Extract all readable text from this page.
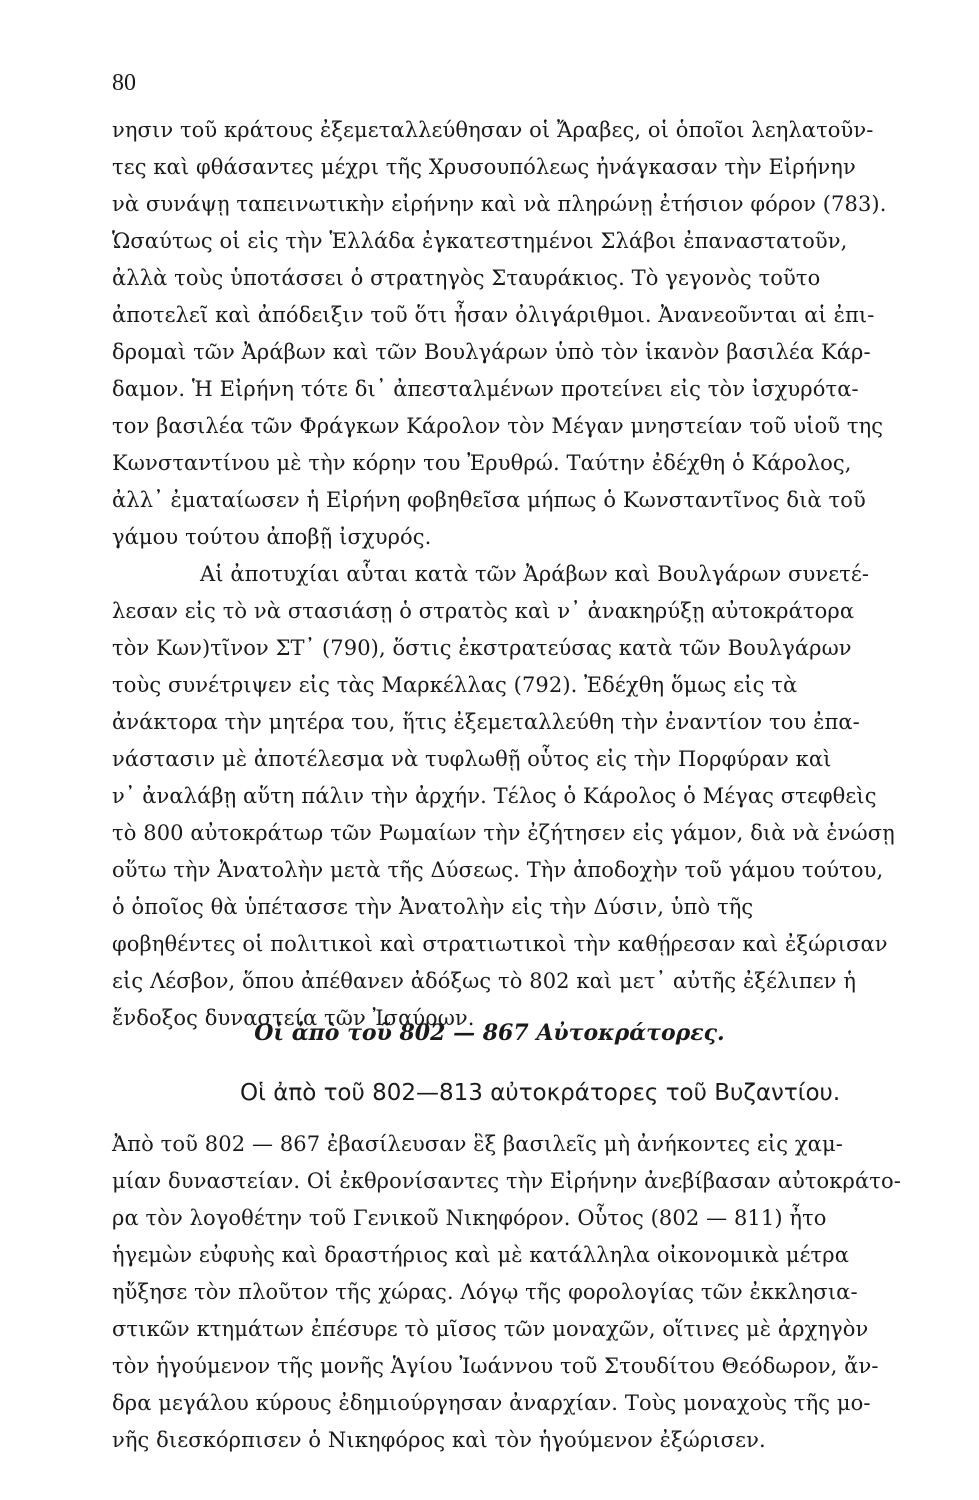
80
νησιν τοῦ κράτους ἐξεμεταλλεύθησαν οἱ Ἄραβες, οἱ ὁποῖοι λεηλατοῦν-
τες καὶ φθάσαντες μέχρι τῆς Χρυσουπόλεως ἠνάγκασαν τὴν Εἰρήνην
νὰ συνάψῃ ταπεινωτικὴν εἰρήνην καὶ νὰ πληρώνῃ ἐτήσιον φόρον (783).
Ὡσαύτως οἱ εἰς τὴν Ἑλλάδα ἐγκατεστημένοι Σλάβοι ἐπαναστατοῦν,
ἀλλὰ τοὺς ὑποτάσσει ὁ στρατηγὸς Σταυράκιος. Τὸ γεγονὸς τοῦτο
ἀποτελεῖ καὶ ἀπόδειξιν τοῦ ὅτι ἦσαν ὀλιγάριθμοι. Ἀνανεοῦνται αἱ ἐπι-
δρομαὶ τῶν Ἀράβων καὶ τῶν Βουλγάρων ὑπὸ τὸν ἱκανὸν βασιλέα Κάρ-
δαμον. Ἡ Εἰρήνη τότε δι᾽ ἀπεσταλμένων προτείνει εἰς τὸν ἰσχυρότα-
τον βασιλέα τῶν Φράγκων Κάρολον τὸν Μέγαν μνηστείαν τοῦ υἱοῦ της
Κωνσταντίνου μὲ τὴν κόρην του Ἐρυθρώ. Ταύτην ἐδέχθη ὁ Κάρολος,
ἀλλ᾽ ἐματαίωσεν ἡ Εἰρήνη φοβηθεῖσα μήπως ὁ Κωνσταντῖνος διὰ τοῦ
γάμου τούτου ἀποβῇ ἰσχυρός.
Αἱ ἀποτυχίαι αὗται κατὰ τῶν Ἀράβων καὶ Βουλγάρων συνετέ-
λεσαν εἰς τὸ νὰ στασιάσῃ ὁ στρατὸς καὶ ν᾽ ἀνακηρύξῃ αὐτοκράτορα
τὸν Κων)τῖνον ΣΤ᾽ (790), ὅστις ἐκστρατεύσας κατὰ τῶν Βουλγάρων
τοὺς συνέτριψεν εἰς τὰς Μαρκέλλας (792). Ἐδέχθη ὅμως εἰς τὰ
ἀνάκτορα τὴν μητέρα του, ἥτις ἐξεμεταλλεύθη τὴν ἐναντίον του ἐπα-
νάστασιν μὲ ἀποτέλεσμα νὰ τυφλωθῇ οὗτος εἰς τὴν Πορφύραν καὶ
ν᾽ ἀναλάβῃ αὕτη πάλιν τὴν ἀρχήν. Τέλος ὁ Κάρολος ὁ Μέγας στεφθεὶς
τὸ 800 αὐτοκράτωρ τῶν Ρωμαίων τὴν ἐζήτησεν εἰς γάμον, διὰ νὰ ἑνώσῃ
οὕτω τὴν Ἀνατολὴν μετὰ τῆς Δύσεως. Τὴν ἀποδοχὴν τοῦ γάμου τούτου,
ὁ ὁποῖος θὰ ὑπέτασσε τὴν Ἀνατολὴν εἰς τὴν Δύσιν, ὑπὸ τῆς
φοβηθέντες οἱ πολιτικοὶ καὶ στρατιωτικοὶ τὴν καθῄρεσαν καὶ ἐξώρισαν
εἰς Λέσβον, ὅπου ἀπέθανεν ἀδόξως τὸ 802 καὶ μετ᾽ αὐτῆς ἐξέλιπεν ἡ
ἔνδοξος δυναστεία τῶν Ἰσαύρων.
Οἱ ἀπὸ τοῦ 802 — 867 Αὐτοκράτορες.
Οἱ ἀπὸ τοῦ 802—813 αὐτοκράτορες τοῦ Βυζαντίου.
Ἀπὸ τοῦ 802 — 867 ἐβασίλευσαν ἓξ βασιλεῖς μὴ ἀνήκοντες εἰς χαμ-
μίαν δυναστείαν. Οἱ ἐκθρονίσαντες τὴν Εἰρήνην ἀνεβίβασαν αὐτοκράτο-
ρα τὸν λογοθέτην τοῦ Γενικοῦ Νικηφόρον. Οὗτος (802 — 811) ἦτο
ἡγεμὼν εὐφυὴς καὶ δραστήριος καὶ μὲ κατάλληλα οἰκονομικὰ μέτρα
ηὔξησε τὸν πλοῦτον τῆς χώρας. Λόγῳ τῆς φορολογίας τῶν ἐκκλησια-
στικῶν κτημάτων ἐπέσυρε τὸ μῖσος τῶν μοναχῶν, οἵτινες μὲ ἀρχηγὸν
τὸν ἡγούμενον τῆς μονῆς Ἁγίου Ἰωάννου τοῦ Στουδίτου Θεόδωρον, ἄν-
δρα μεγάλου κύρους ἐδημιούργησαν ἀναρχίαν. Τοὺς μοναχοὺς τῆς μο-
νῆς διεσκόρπισεν ὁ Νικηφόρος καὶ τὸν ἡγούμενον ἐξώρισεν.
